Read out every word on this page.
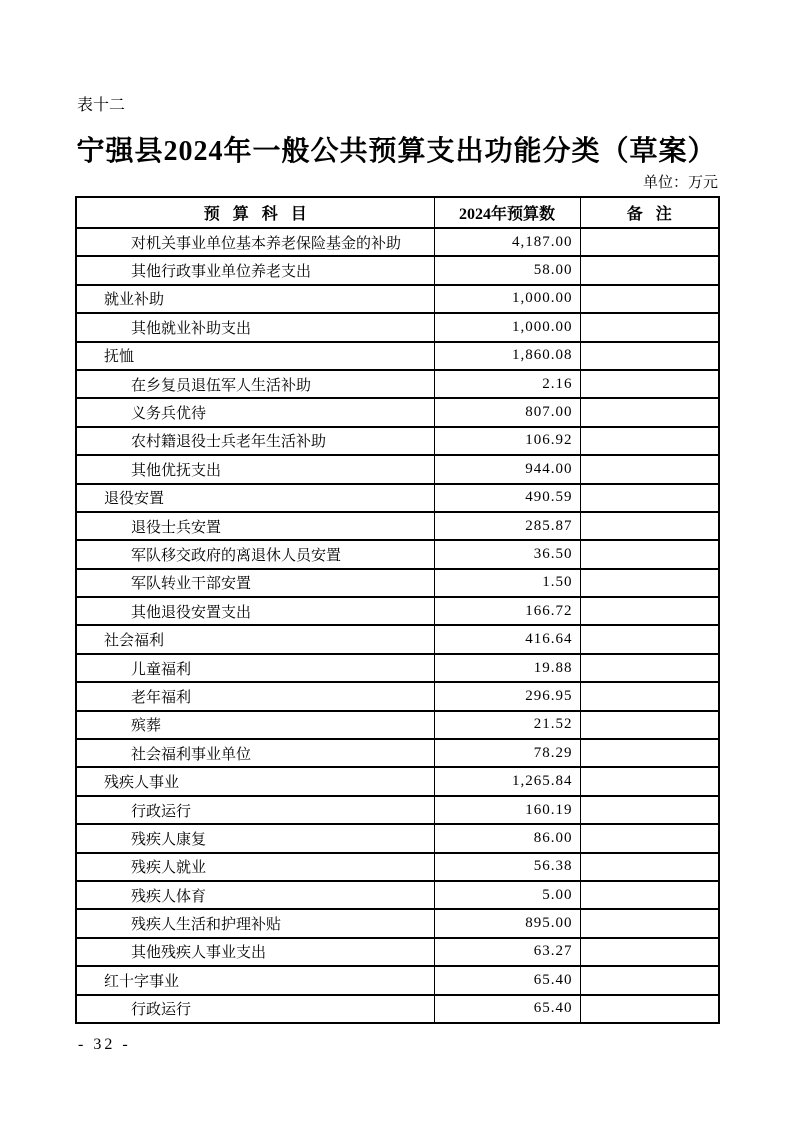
表十二
宁强县2024年一般公共预算支出功能分类（草案）
单位：万元
预 算 科 目	2024年预算数	备 注
对机关事业单位基本养老保险基金的补助	4,187.00	
其他行政事业单位养老支出	58.00	
就业补助	1,000.00	
其他就业补助支出	1,000.00	
抚恤	1,860.08	
在乡复员退伍军人生活补助	2.16	
义务兵优待	807.00	
农村籍退役士兵老年生活补助	106.92	
其他优抚支出	944.00	
退役安置	490.59	
退役士兵安置	285.87	
军队移交政府的离退休人员安置	36.50	
军队转业干部安置	1.50	
其他退役安置支出	166.72	
社会福利	416.64	
儿童福利	19.88	
老年福利	296.95	
殡葬	21.52	
社会福利事业单位	78.29	
残疾人事业	1,265.84	
行政运行	160.19	
残疾人康复	86.00	
残疾人就业	56.38	
残疾人体育	5.00	
残疾人生活和护理补贴	895.00	
其他残疾人事业支出	63.27	
红十字事业	65.40	
行政运行	65.40	
- 32 -
